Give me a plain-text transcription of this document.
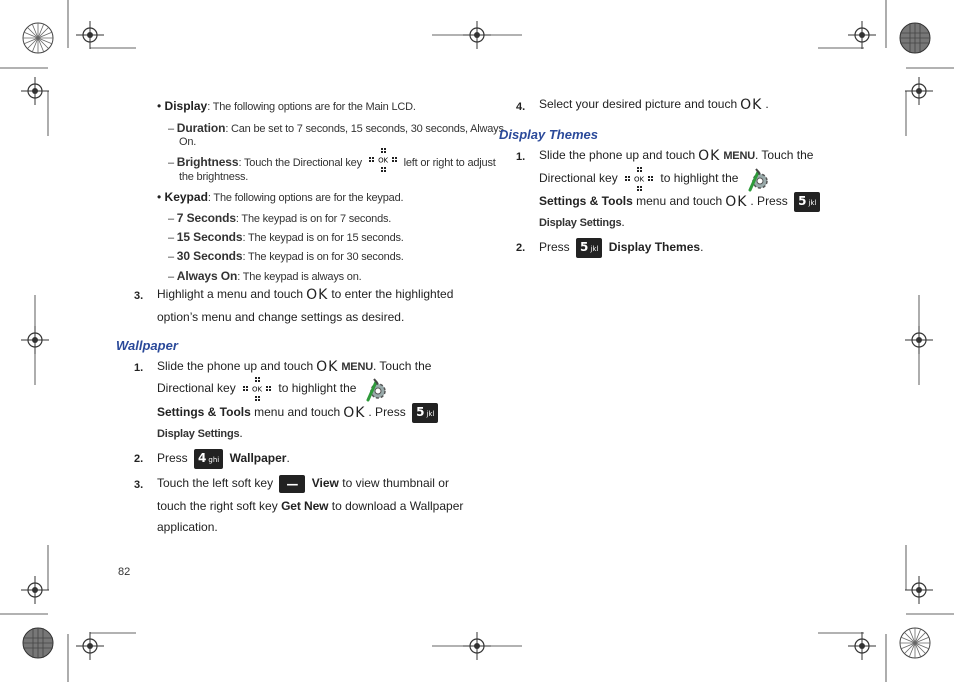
• Display: The following options are for the Main LCD.
– Duration: Can be set to 7 seconds, 15 seconds, 30 seconds, Always
On.
– Brightness: Touch the Directional key OK left or right to adjust
the brightness.
• Keypad: The following options are for the keypad.
– 7 Seconds: The keypad is on for 7 seconds.
– 15 Seconds: The keypad is on for 15 seconds.
– 30 Seconds: The keypad is on for 30 seconds.
– Always On: The keypad is always on.
3. Highlight a menu and touch OK to enter the highlighted
option’s menu and change settings as desired.
Wallpaper
1. Slide the phone up and touch OK MENU. Touch the
Directional key OK to highlight the
Settings & Tools menu and touch OK . Press 5 jkl
Display Settings.
2. Press 4 ghi Wallpaper.
3. Touch the left soft key — View to view thumbnail or
touch the right soft key Get New to download a Wallpaper
application.
82
4. Select your desired picture and touch OK .
Display Themes
1. Slide the phone up and touch OK MENU. Touch the
Directional key OK to highlight the
Settings & Tools menu and touch OK . Press 5 jkl
Display Settings.
2. Press 5 jkl Display Themes.
